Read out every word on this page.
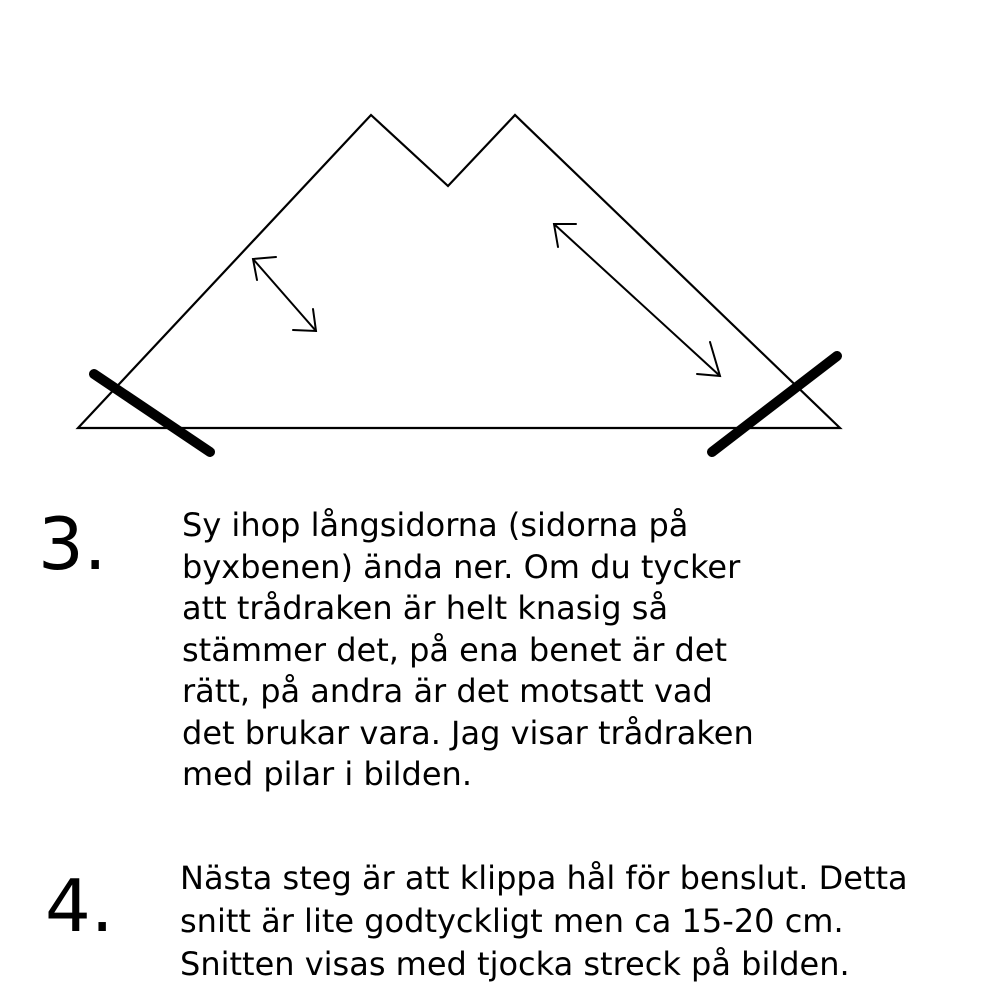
3. Sy ihop långsidorna (sidorna på
byxbenen) ända ner. Om du tycker
att trådraken är helt knasig så
stämmer det, på ena benet är det
rätt, på andra är det motsatt vad
det brukar vara. Jag visar trådraken
med pilar i bilden.
4. Nästa steg är att klippa hål för benslut. Detta
snitt är lite godtyckligt men ca 15-20 cm.
Snitten visas med tjocka streck på bilden.
